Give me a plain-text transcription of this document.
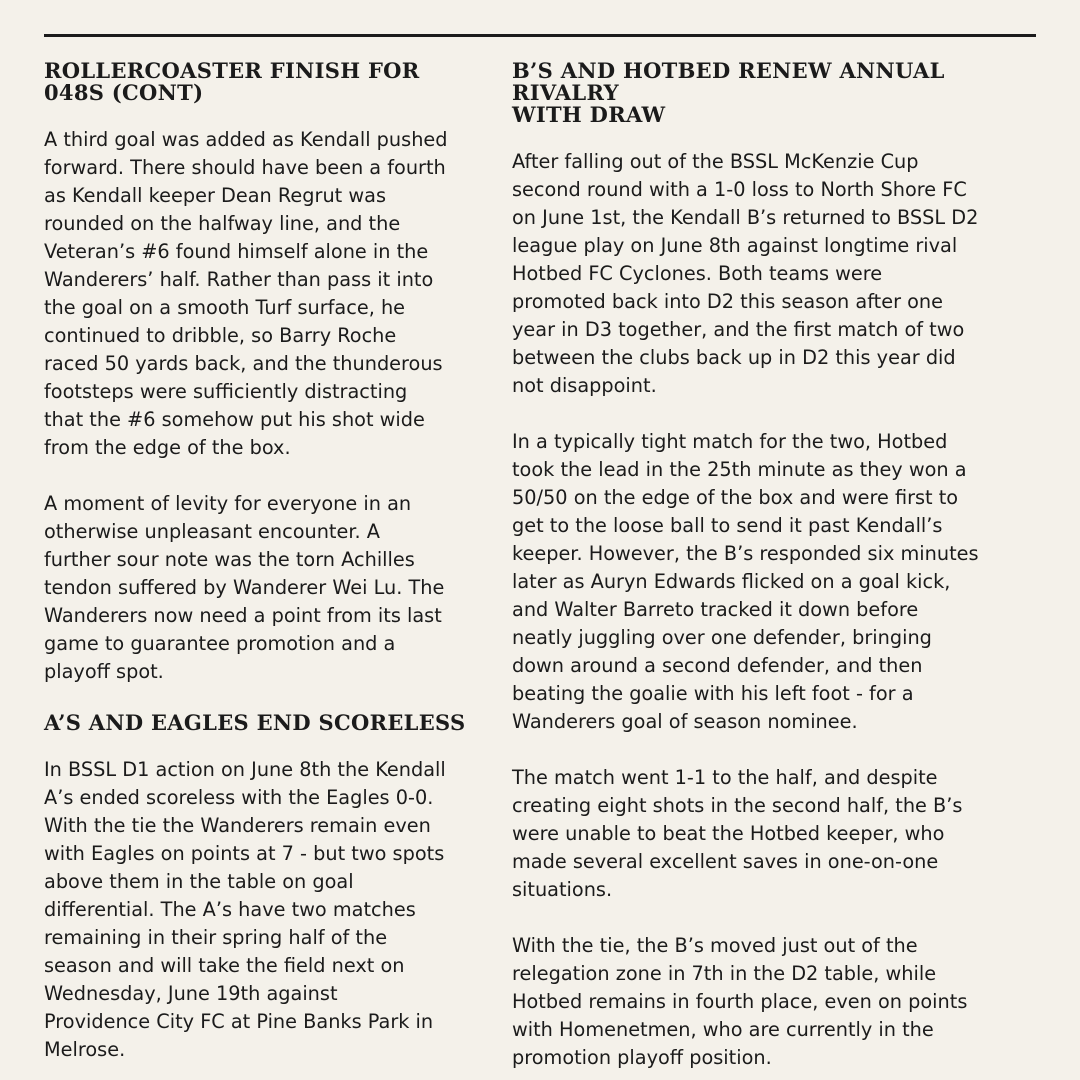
ROLLERCOASTER FINISH FOR
048S (CONT)

A third goal was added as Kendall pushed
forward. There should have been a fourth
as Kendall keeper Dean Regrut was
rounded on the halfway line, and the
Veteran’s #6 found himself alone in the
Wanderers’ half. Rather than pass it into
the goal on a smooth Turf surface, he
continued to dribble, so Barry Roche
raced 50 yards back, and the thunderous
footsteps were sufficiently distracting
that the #6 somehow put his shot wide
from the edge of the box.

A moment of levity for everyone in an
otherwise unpleasant encounter. A
further sour note was the torn Achilles
tendon suffered by Wanderer Wei Lu. The
Wanderers now need a point from its last
game to guarantee promotion and a
playoff spot.

A’S AND EAGLES END SCORELESS

In BSSL D1 action on June 8th the Kendall
A’s ended scoreless with the Eagles 0-0.
With the tie the Wanderers remain even
with Eagles on points at 7 - but two spots
above them in the table on goal
differential. The A’s have two matches
remaining in their spring half of the
season and will take the field next on
Wednesday, June 19th against
Providence City FC at Pine Banks Park in
Melrose.

B’S AND HOTBED RENEW ANNUAL RIVALRY
WITH DRAW

After falling out of the BSSL McKenzie Cup
second round with a 1-0 loss to North Shore FC
on June 1st, the Kendall B’s returned to BSSL D2
league play on June 8th against longtime rival
Hotbed FC Cyclones. Both teams were
promoted back into D2 this season after one
year in D3 together, and the first match of two
between the clubs back up in D2 this year did
not disappoint.

In a typically tight match for the two, Hotbed
took the lead in the 25th minute as they won a
50/50 on the edge of the box and were first to
get to the loose ball to send it past Kendall’s
keeper. However, the B’s responded six minutes
later as Auryn Edwards flicked on a goal kick,
and Walter Barreto tracked it down before
neatly juggling over one defender, bringing
down around a second defender, and then
beating the goalie with his left foot - for a
Wanderers goal of season nominee.

The match went 1-1 to the half, and despite
creating eight shots in the second half, the B’s
were unable to beat the Hotbed keeper, who
made several excellent saves in one-on-one
situations.

With the tie, the B’s moved just out of the
relegation zone in 7th in the D2 table, while
Hotbed remains in fourth place, even on points
with Homenetmen, who are currently in the
promotion playoff position.
